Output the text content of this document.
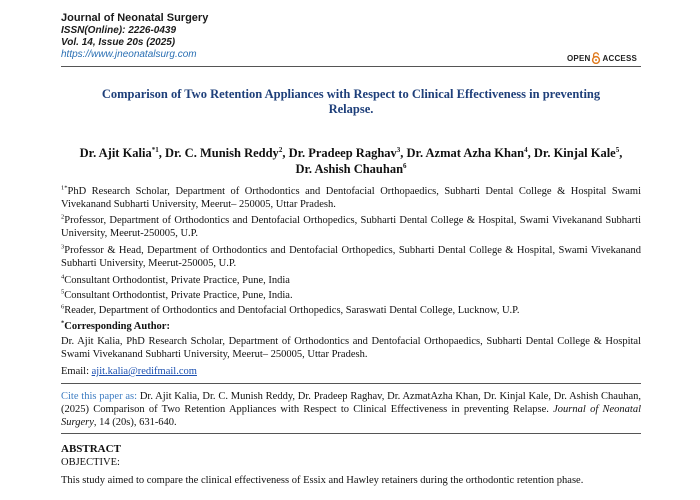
Journal of Neonatal Surgery
ISSN(Online): 2226-0439
Vol. 14, Issue 20s (2025)
https://www.jneonatalsurg.com	OPEN ACCESS
Comparison of Two Retention Appliances with Respect to Clinical Effectiveness in preventing
Relapse.
Dr. Ajit Kalia$^{*1}$, Dr. C. Munish Reddy$^2$, Dr. Pradeep Raghav$^3$, Dr. Azmat Azha Khan$^4$, Dr. Kinjal Kale$^5$,
Dr. Ashish Chauhan$^6$
$^{1*}$PhD Research Scholar, Department of Orthodontics and Dentofacial Orthopaedics, Subharti Dental College & Hospital Swami Vivekanand Subharti University, Meerut– 250005, Uttar Pradesh.
$^2$Professor, Department of Orthodontics and Dentofacial Orthopedics, Subharti Dental College & Hospital, Swami Vivekanand Subharti University, Meerut-250005, U.P.
$^3$Professor & Head, Department of Orthodontics and Dentofacial Orthopedics, Subharti Dental College & Hospital, Swami Vivekanand Subharti University, Meerut-250005, U.P.
$^4$Consultant Orthodontist, Private Practice, Pune, India
$^5$Consultant Orthodontist, Private Practice, Pune, India.
$^6$Reader, Department of Orthodontics and Dentofacial Orthopedics, Saraswati Dental College, Lucknow, U.P.
*Corresponding Author:
Dr. Ajit Kalia, PhD Research Scholar, Department of Orthodontics and Dentofacial Orthopaedics, Subharti Dental College & Hospital Swami Vivekanand Subharti University, Meerut– 250005, Uttar Pradesh.
Email: ajit.kalia@redifmail.com
Cite this paper as: Dr. Ajit Kalia, Dr. C. Munish Reddy, Dr. Pradeep Raghav, Dr. AzmatAzha Khan, Dr. Kinjal Kale, Dr. Ashish Chauhan, (2025) Comparison of Two Retention Appliances with Respect to Clinical Effectiveness in preventing Relapse. Journal of Neonatal Surgery, 14 (20s), 631-640.
ABSTRACT
OBJECTIVE:
This study aimed to compare the clinical effectiveness of Essix and Hawley retainers during the orthodontic retention phase.
